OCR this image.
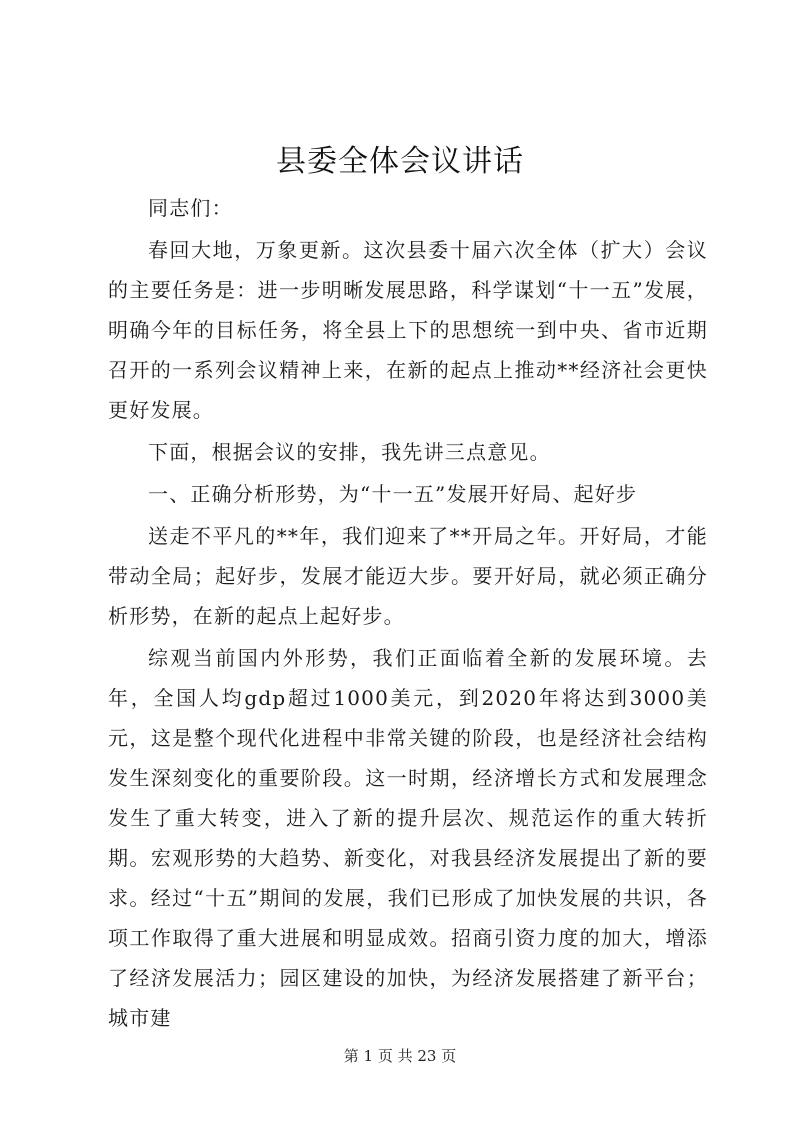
县委全体会议讲话

同志们：

春回大地，万象更新。这次县委十届六次全体（扩大）会议的主要任务是：进一步明晰发展思路，科学谋划“十一五”发展，明确今年的目标任务，将全县上下的思想统一到中央、省市近期召开的一系列会议精神上来，在新的起点上推动**经济社会更快更好发展。

下面，根据会议的安排，我先讲三点意见。

一、正确分析形势，为“十一五”发展开好局、起好步

送走不平凡的**年，我们迎来了**开局之年。开好局，才能带动全局；起好步，发展才能迈大步。要开好局，就必须正确分析形势，在新的起点上起好步。

综观当前国内外形势，我们正面临着全新的发展环境。去年，全国人均gdp超过1000美元，到2020年将达到3000美元，这是整个现代化进程中非常关键的阶段，也是经济社会结构发生深刻变化的重要阶段。这一时期，经济增长方式和发展理念发生了重大转变，进入了新的提升层次、规范运作的重大转折期。宏观形势的大趋势、新变化，对我县经济发展提出了新的要求。经过“十五”期间的发展，我们已形成了加快发展的共识，各项工作取得了重大进展和明显成效。招商引资力度的加大，增添了经济发展活力；园区建设的加快，为经济发展搭建了新平台；城市建

第 1 页 共 23 页
